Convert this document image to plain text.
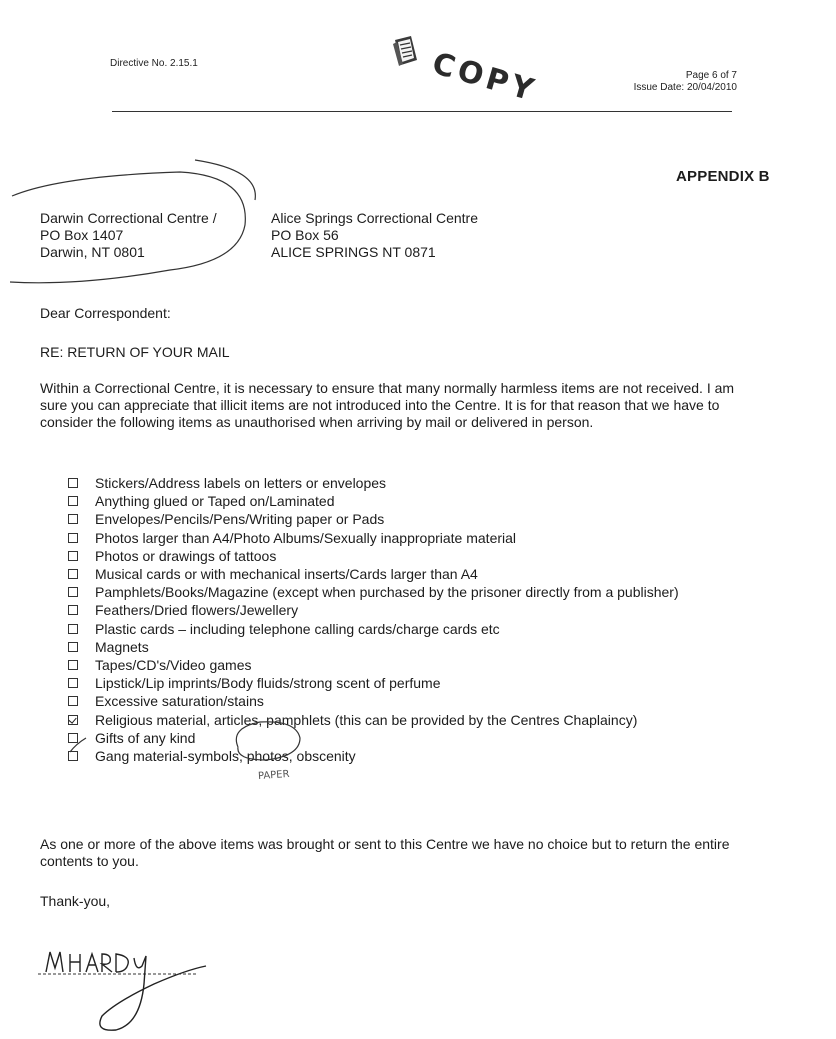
Directive No. 2.15.1	COPY	Page 6 of 7
Issue Date: 20/04/2010
APPENDIX B
Darwin Correctional Centre /
PO Box 1407
Darwin, NT 0801
Alice Springs Correctional Centre
PO Box 56
ALICE SPRINGS NT 0871
Dear Correspondent:
RE: RETURN OF YOUR MAIL
Within a Correctional Centre, it is necessary to ensure that many normally harmless items are not received. I am sure you can appreciate that illicit items are not introduced into the Centre. It is for that reason that we have to consider the following items as unauthorised when arriving by mail or delivered in person.
Stickers/Address labels on letters or envelopes
Anything glued or Taped on/Laminated
Envelopes/Pencils/Pens/Writing paper or Pads
Photos larger than A4/Photo Albums/Sexually inappropriate material
Photos or drawings of tattoos
Musical cards or with mechanical inserts/Cards larger than A4
Pamphlets/Books/Magazine (except when purchased by the prisoner directly from a publisher)
Feathers/Dried flowers/Jewellery
Plastic cards – including telephone calling cards/charge cards etc
Magnets
Tapes/CD's/Video games
Lipstick/Lip imprints/Body fluids/strong scent of perfume
Excessive saturation/stains
Religious material, articles, pamphlets (this can be provided by the Centres Chaplaincy)
Gifts of any kind
Gang material-symbols, photos, obscenity
PAPER
As one or more of the above items was brought or sent to this Centre we have no choice but to return the entire contents to you.
Thank-you,
